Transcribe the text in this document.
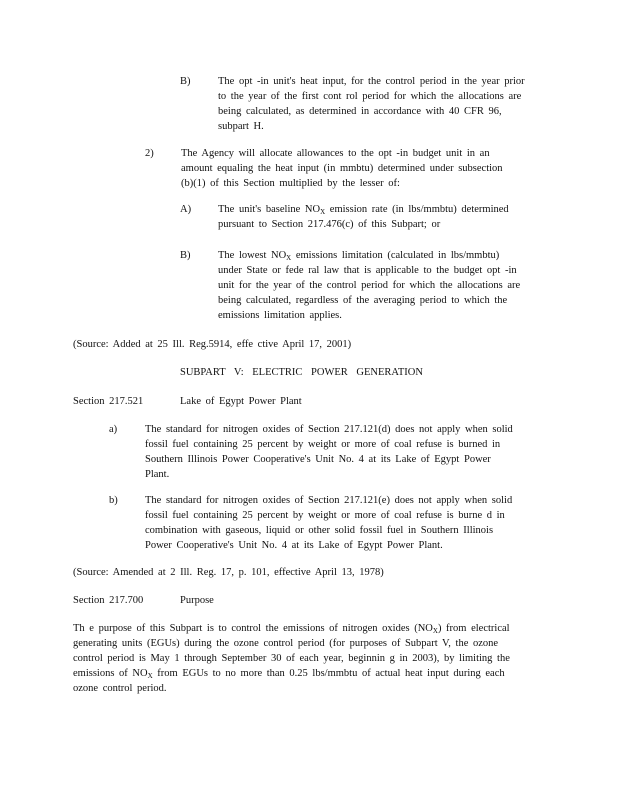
B)	The opt -in unit's heat input, for the control period in the year prior

to the year of the first cont rol period for which the allocations are

being calculated, as determined in accordance with 40 CFR 96,

subpart H.

2)	The Agency will allocate allowances to the opt -in budget unit in an

amount equaling the heat input (in mmbtu) determined under subsection

(b)(1) of this Section multiplied by the lesser of:

A)	The unit's baseline $NO_X$ emission rate (in lbs/mmbtu) determined

pursuant to Section 217.476(c) of this Subpart; or

B)	The lowest $NO_X$ emissions limitation (calculated in lbs/mmbtu)

under State or fede ral law that is applicable to the budget opt -in

unit for the year of the control period for which the allocations are

being calculated, regardless of the averaging period to which the

emissions limitation applies.

(Source: Added at 25 Ill. Reg.5914, effe ctive April 17, 2001)
SUBPART V: ELECTRIC POWER GENERATION
Section 217.521	Lake of Egypt Power Plant
a)	The standard for nitrogen oxides of Section 217.121(d) does not apply when solid

fossil fuel containing 25 percent by weight or more of coal refuse is burned in

Southern Illinois Power Cooperative's Unit No. 4 at its Lake of Egypt Power

Plant.

b)	The standard for nitrogen oxides of Section 217.121(e) does not apply when solid

fossil fuel containing 25 percent by weight or more of coal refuse is burne d in

combination with gaseous, liquid or other solid fossil fuel in Southern Illinois

Power Cooperative's Unit No. 4 at its Lake of Egypt Power Plant.

(Source: Amended at 2 Ill. Reg. 17, p. 101, effective April 13, 1978)
Section 217.700	Purpose

Th e purpose of this Subpart is to control the emissions of nitrogen oxides $(NO_X)$ from electrical

generating units (EGUs) during the ozone control period (for purposes of Subpart V, the ozone

control period is May 1 through September 30 of each year, beginnin g in 2003), by limiting the

emissions of $NO_X$ from EGUs to no more than 0.25 lbs/mmbtu of actual heat input during each

ozone control period.
